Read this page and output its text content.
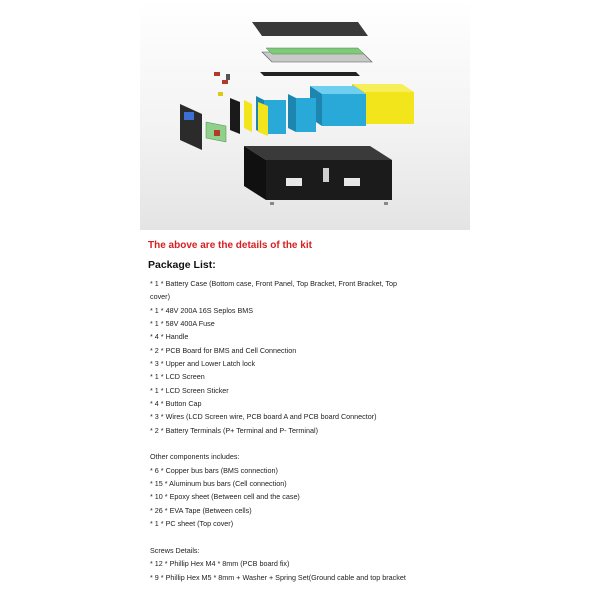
The above are the details of the kit
Package List:
* 1 * Battery Case (Bottom case, Front Panel, Top Bracket, Front Bracket, Top
cover)
* 1 * 48V 200A 16S Seplos BMS
* 1 * 58V 400A Fuse
* 4 * Handle
* 2 * PCB Board for BMS and Cell Connection
* 3 * Upper and Lower Latch lock
* 1 * LCD Screen
* 1 * LCD Screen Sticker
* 4 * Button Cap
* 3 * Wires (LCD Screen wire, PCB board A and PCB board Connector)
* 2 * Battery Terminals (P+ Terminal and P- Terminal)
Other components includes:
* 6 * Copper bus bars (BMS connection)
* 15 * Aluminum bus bars (Cell connection)
* 10 * Epoxy sheet (Between cell and the case)
* 26 * EVA Tape (Between cells)
* 1 * PC sheet (Top cover)
Screws Details:
* 12 * Phillip Hex M4 * 8mm (PCB board fix)
* 9 * Phillip Hex M5 * 8mm + Washer + Spring Set(Ground cable and top bracket
